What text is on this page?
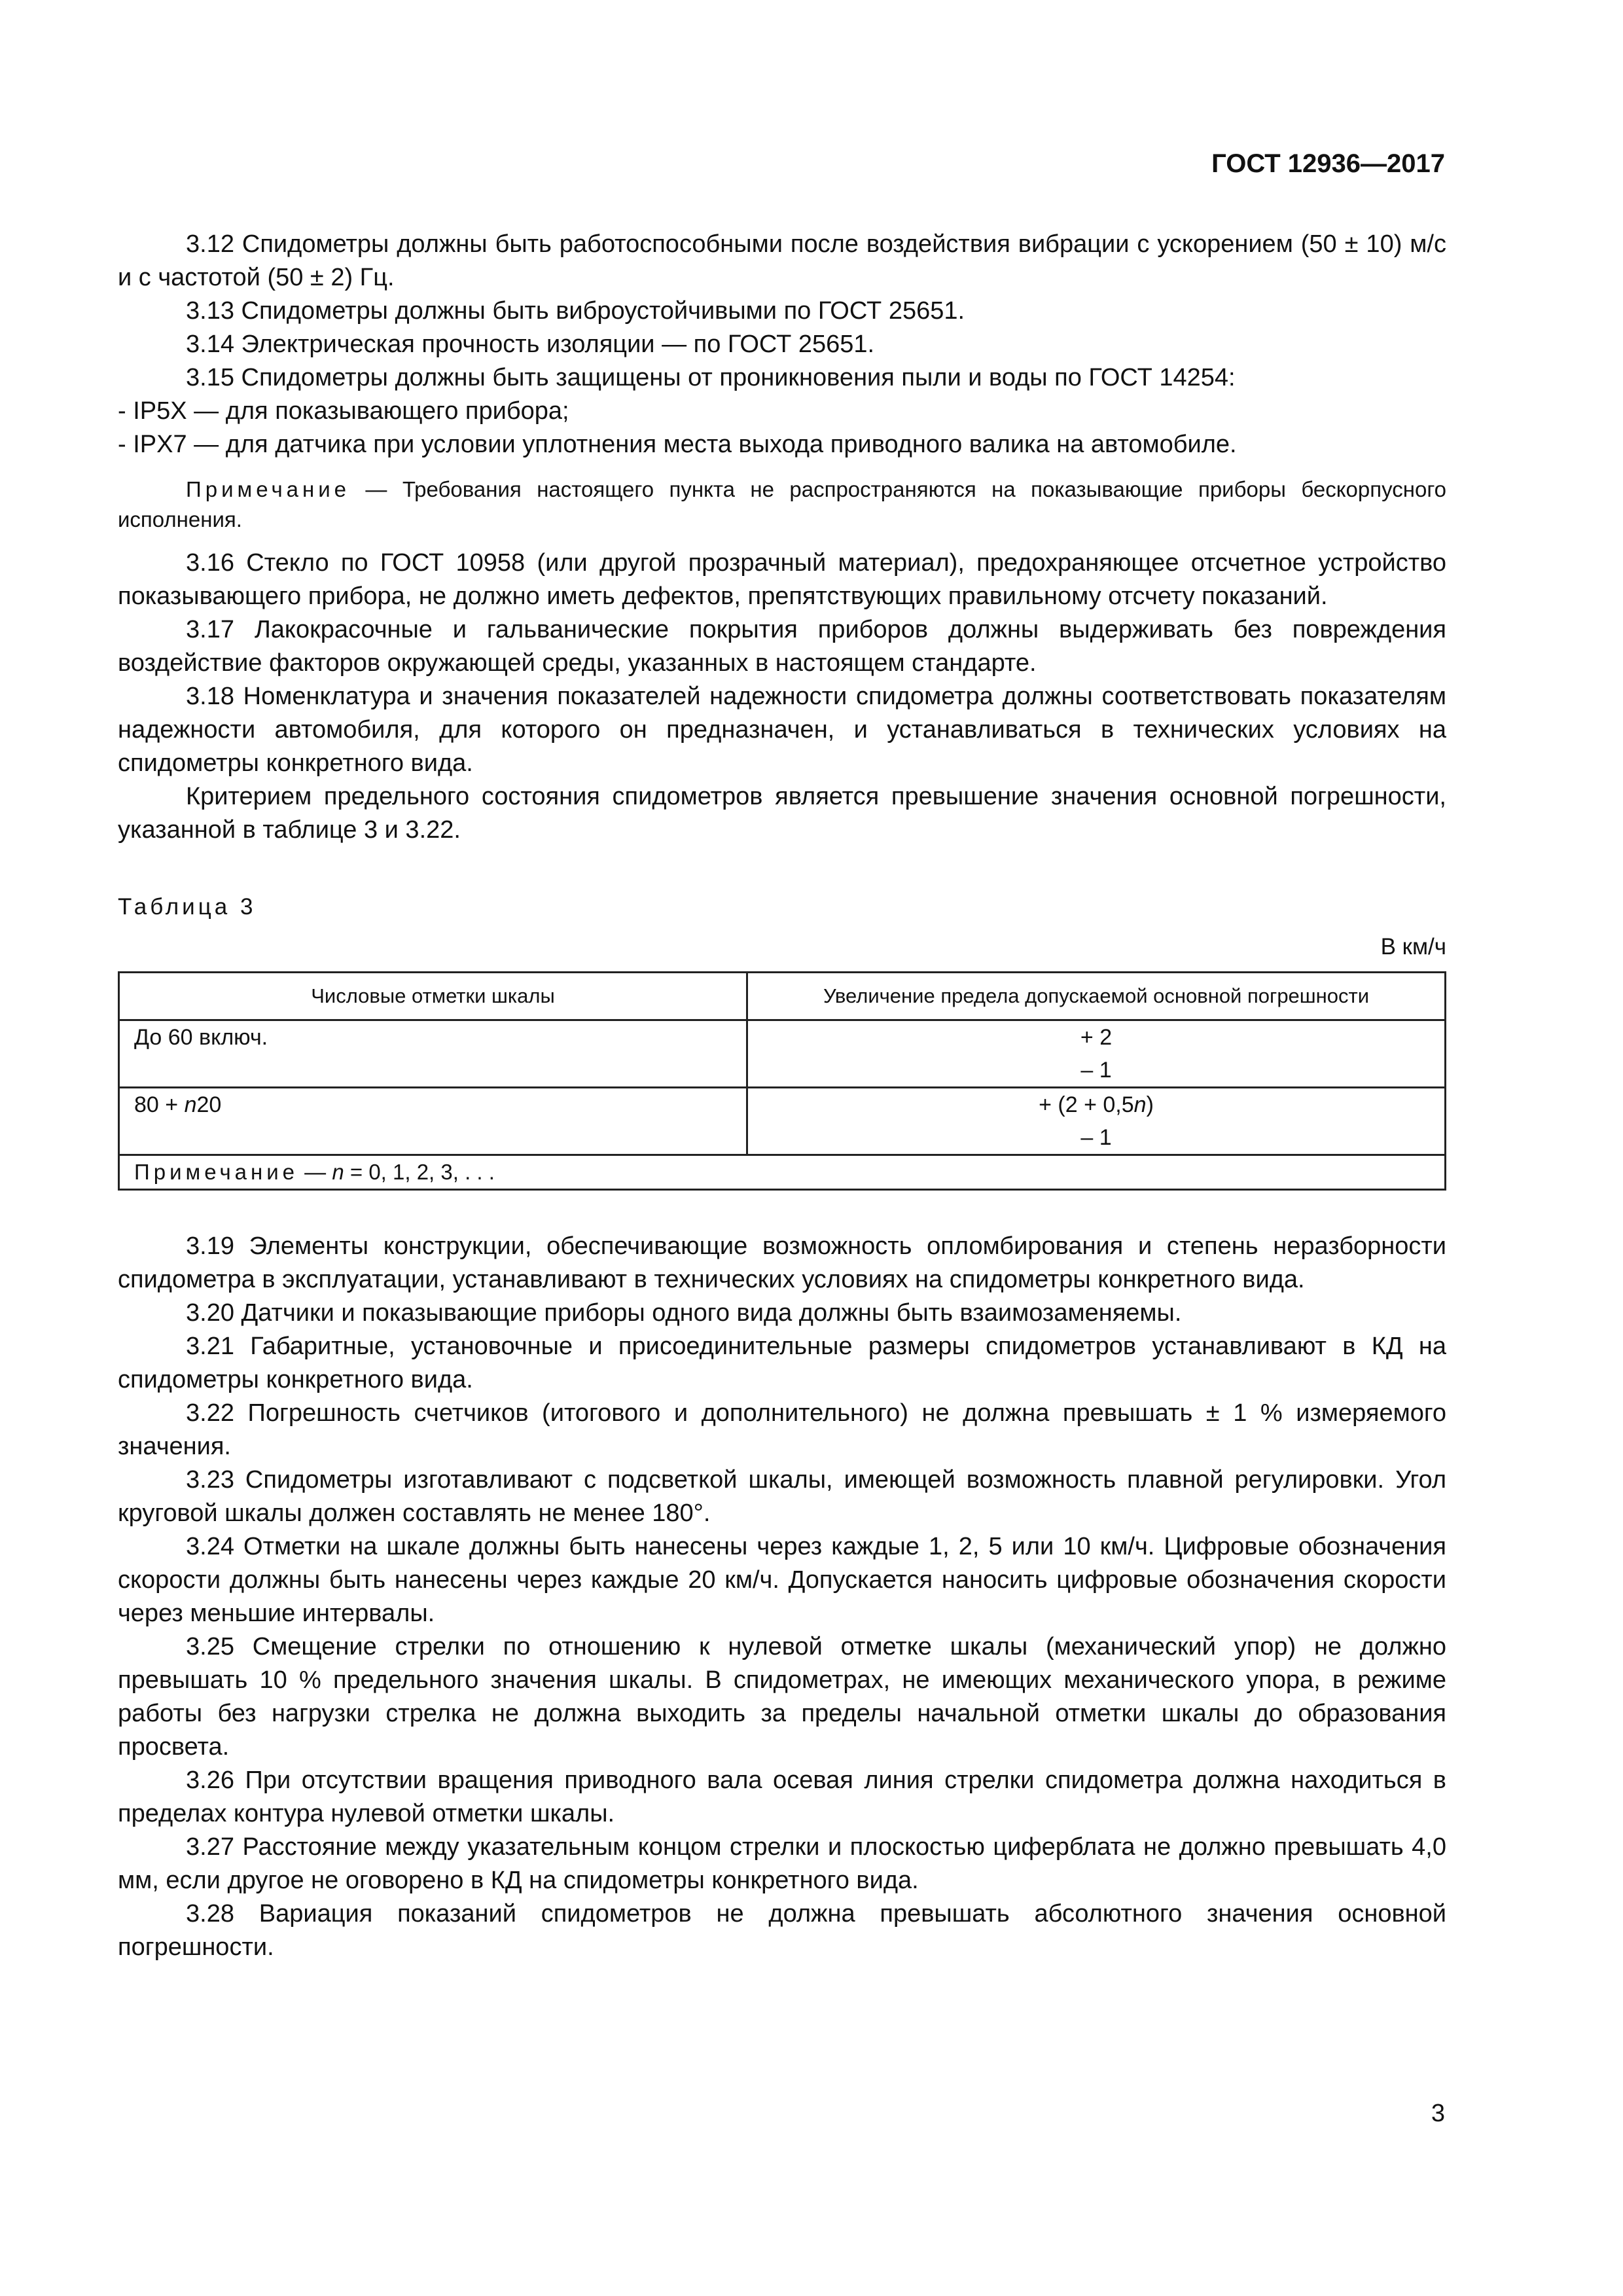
ГОСТ 12936—2017

3.12 Спидометры должны быть работоспособными после воздействия вибрации с ускорением (50 ± 10) м/с и с частотой (50 ± 2) Гц.

3.13 Спидометры должны быть виброустойчивыми по ГОСТ 25651.

3.14 Электрическая прочность изоляции — по ГОСТ 25651.

3.15 Спидометры должны быть защищены от проникновения пыли и воды по ГОСТ 14254:

- IP5X — для показывающего прибора;

- IPX7 — для датчика при условии уплотнения места выхода приводного валика на автомобиле.

Примечание — Требования настоящего пункта не распространяются на показывающие приборы бескорпусного исполнения.

3.16 Стекло по ГОСТ 10958 (или другой прозрачный материал), предохраняющее отсчетное устройство показывающего прибора, не должно иметь дефектов, препятствующих правильному отсчету показаний.

3.17 Лакокрасочные и гальванические покрытия приборов должны выдерживать без повреждения воздействие факторов окружающей среды, указанных в настоящем стандарте.

3.18 Номенклатура и значения показателей надежности спидометра должны соответствовать показателям надежности автомобиля, для которого он предназначен, и устанавливаться в технических условиях на спидометры конкретного вида.

Критерием предельного состояния спидометров является превышение значения основной погрешности, указанной в таблице 3 и 3.22.

Таблица 3
В км/ч
Числовые отметки шкалы	Увеличение предела допускаемой основной погрешности
До 60 включ.	+ 2
– 1

80 + n20	+ (2 + 0,5n)
– 1

Примечание — n = 0, 1, 2, 3, . . .	

3.19 Элементы конструкции, обеспечивающие возможность опломбирования и степень неразборности спидометра в эксплуатации, устанавливают в технических условиях на спидометры конкретного вида.

3.20 Датчики и показывающие приборы одного вида должны быть взаимозаменяемы.

3.21 Габаритные, установочные и присоединительные размеры спидометров устанавливают в КД на спидометры конкретного вида.

3.22 Погрешность счетчиков (итогового и дополнительного) не должна превышать ± 1 % измеряемого значения.

3.23 Спидометры изготавливают с подсветкой шкалы, имеющей возможность плавной регулировки. Угол круговой шкалы должен составлять не менее 180°.

3.24 Отметки на шкале должны быть нанесены через каждые 1, 2, 5 или 10 км/ч. Цифровые обозначения скорости должны быть нанесены через каждые 20 км/ч. Допускается наносить цифровые обозначения скорости через меньшие интервалы.

3.25 Смещение стрелки по отношению к нулевой отметке шкалы (механический упор) не должно превышать 10 % предельного значения шкалы. В спидометрах, не имеющих механического упора, в режиме работы без нагрузки стрелка не должна выходить за пределы начальной отметки шкалы до образования просвета.

3.26 При отсутствии вращения приводного вала осевая линия стрелки спидометра должна находиться в пределах контура нулевой отметки шкалы.

3.27 Расстояние между указательным концом стрелки и плоскостью циферблата не должно превышать 4,0 мм, если другое не оговорено в КД на спидометры конкретного вида.

3.28 Вариация показаний спидометров не должна превышать абсолютного значения основной погрешности.

3
